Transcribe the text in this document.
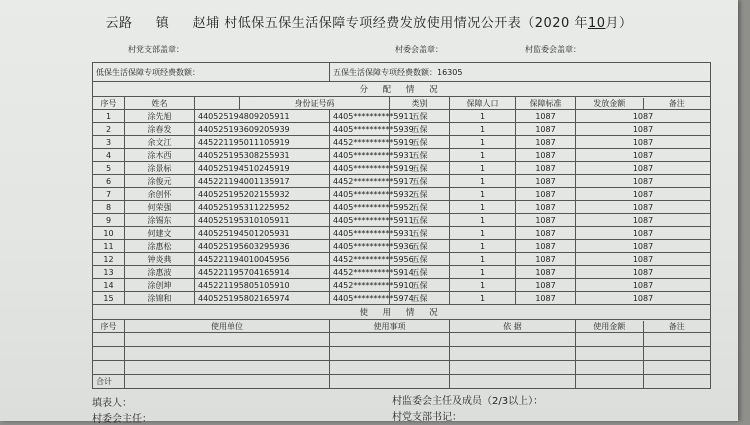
云路 镇 赵埔 村低保五保生活保障专项经费发放使用情况公开表（2020 年10月）
村党支部盖章：	村委会盖章：	村监委会盖章：
低保生活保障专项经费数额：				五保生活保障专项经费数额：16305					
分 配 情 况									
序号	姓名		身份证号码		类别	保障人口	保障标准	发放金额 备注	

1	涂先旭	440525194809205911		4405**********5911	五保	1	1087	1087	
2	涂春发	440525193609205939		4405**********5939	五保	1	1087	1087	
3	余文江	445221195011105919		4452**********5919	五保	1	1087	1087	
4	涂木西	440525195308255931		4405**********5931	五保	1	1087	1087	
5	涂景标	440525194510245919		4405**********5919	五保	1	1087	1087	
6	涂俊元	445221194001135917		4452**********5917	五保	1	1087	1087	
7	余创怀	440525195202155932		4405**********5932	五保	1	1087	1087	
8	何荣强	440525195311225952		4405**********5952	五保	1	1087	1087	
9	涂锡东	440525195310105911		4405**********5911	五保	1	1087	1087	
10	何建文	440525194501205931		4405**********5931	五保	1	1087	1087	
11	涂惠松	440525195603295936		4405**********5936	五保	1	1087	1087	
12	钟炎典	445221194010045956		4452**********5956	五保	1	1087	1087	
13	涂惠波	445221195704165914		4452**********5914	五保	1	1087	1087	
14	涂创坤	445221195805105910		4452**********5910	五保	1	1087	1087	
15	涂锦和	440525195802165974		4405**********5974	五保	1	1087	1087	
使 用 情 况									
序号	使用单位			使用事项		依 据		使用金额 备注	

合计									
填表人：
村委会主任：
村监委会主任及成员（2/3以上）：
村党支部书记：
